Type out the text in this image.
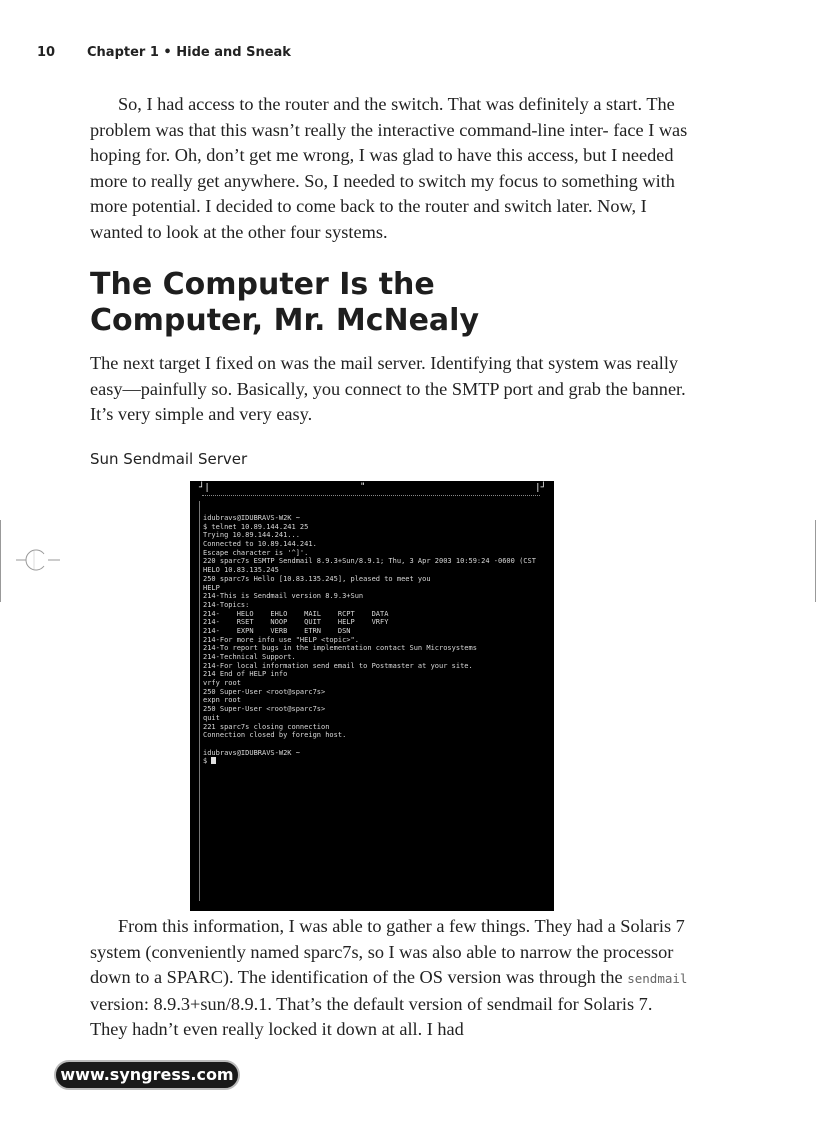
10 Chapter 1 • Hide and Sneak

So, I had access to the router and the switch. That was definitely a start. The problem was that this wasn’t really the interactive command-line inter- face I was hoping for. Oh, don’t get me wrong, I was glad to have this access, but I needed more to really get anywhere. So, I needed to switch my focus to something with more potential. I decided to come back to the router and switch later. Now, I wanted to look at the other four systems.

The Computer Is the
Computer, Mr. McNealy

The next target I fixed on was the mail server. Identifying that system was really easy—painfully so. Basically, you connect to the SMTP port and grab the banner. It’s very simple and very easy.

Sun Sendmail Server
┘|	"	|┘
idubravs@IDUBRAVS-W2K ~
$ telnet 10.89.144.241 25
Trying 10.89.144.241...
Connected to 10.89.144.241.
Escape character is '^]'.
220 sparc7s ESMTP Sendmail 8.9.3+Sun/8.9.1; Thu, 3 Apr 2003 10:59:24 -0600 (CST
HELO 10.83.135.245
250 sparc7s Hello [10.83.135.245], pleased to meet you
HELP
214-This is Sendmail version 8.9.3+Sun
214-Topics:
214-    HELO    EHLO    MAIL    RCPT    DATA
214-    RSET    NOOP    QUIT    HELP    VRFY
214-    EXPN    VERB    ETRN    DSN
214-For more info use "HELP <topic>".
214-To report bugs in the implementation contact Sun Microsystems
214-Technical Support.
214-For local information send email to Postmaster at your site.
214 End of HELP info
vrfy root
250 Super-User <root@sparc7s>
expn root
250 Super-User <root@sparc7s>
quit
221 sparc7s closing connection
Connection closed by foreign host.
idubravs@IDUBRAVS-W2K ~
$

From this information, I was able to gather a few things. They had a Solaris 7 system (conveniently named sparc7s, so I was also able to narrow the processor down to a SPARC). The identification of the OS version was through the sendmail version: 8.9.3+sun/8.9.1. That’s the default version of sendmail for Solaris 7. They hadn’t even really locked it down at all. I had

www.syngress.com
